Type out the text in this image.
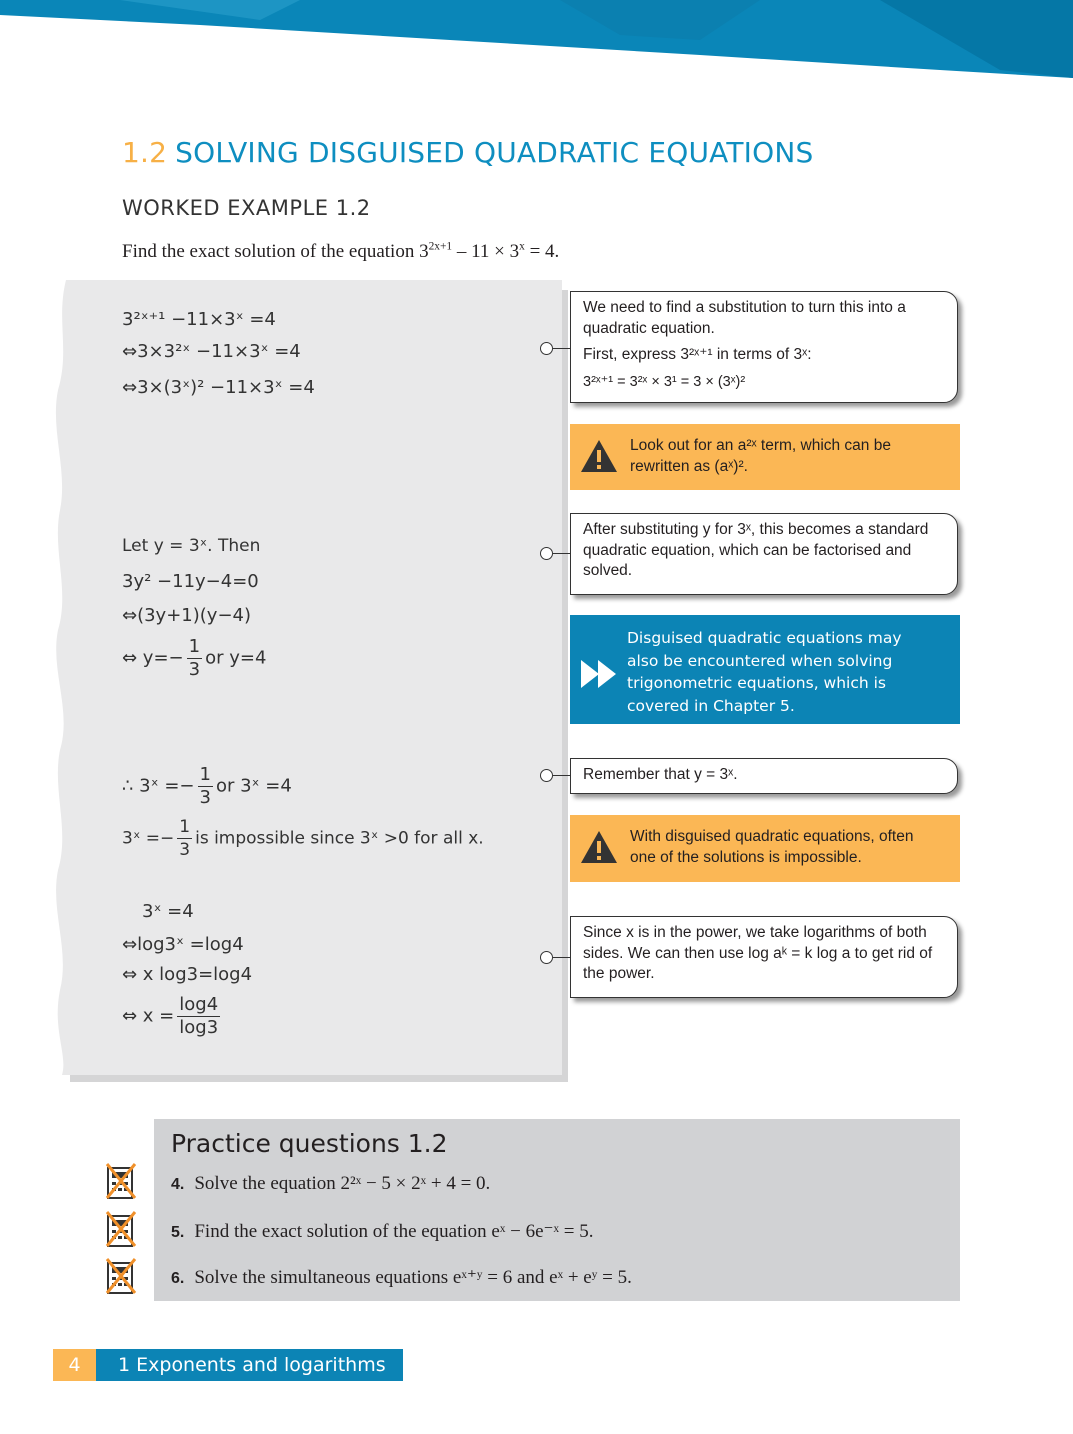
1.2 SOLVING DISGUISED QUADRATIC EQUATIONS
WORKED EXAMPLE 1.2
Find the exact solution of the equation $3^{2x+1} - 11 \times 3^x = 4$.
3²ˣ⁺¹ −11×3ˣ =4
⇔3×3²ˣ −11×3ˣ =4
⇔3×(3ˣ)² −11×3ˣ =4
Let y = 3ˣ. Then
3y² −11y−4=0
⇔(3y+1)(y−4)
⇔ $y=- \frac{1}{3}$ or y=4
∴ 3ˣ =− $\frac{1}{3}$ or 3ˣ =4
3ˣ =− $\frac{1}{3}$ is impossible since 3ˣ >0 for all x.
3ˣ =4
⇔log3ˣ =log4
⇔ x log3=log4
⇔ $x = \frac{\log 4}{\log 3}$
We need to find a substitution to turn this into a quadratic equation.
First, express 3²ˣ⁺¹ in terms of 3ˣ:
3²ˣ⁺¹ = 3²ˣ × 3¹ = 3 × (3ˣ)²
Look out for an a²ˣ term, which can be rewritten as (aˣ)².
After substituting y for 3ˣ, this becomes a standard quadratic equation, which can be factorised and solved.
Disguised quadratic equations may also be encountered when solving trigonometric equations, which is covered in Chapter 5.
Remember that y = 3ˣ.
With disguised quadratic equations, often one of the solutions is impossible.
Since x is in the power, we take logarithms of both sides. We can then use log aᵏ = k log a to get rid of the power.
Practice questions 1.2
4. Solve the equation 2²ˣ − 5 × 2ˣ + 4 = 0.
5. Find the exact solution of the equation eˣ − 6e⁻ˣ = 5.
6. Solve the simultaneous equations eˣ⁺ʸ = 6 and eˣ + eʸ = 5.
4	1 Exponents and logarithms
